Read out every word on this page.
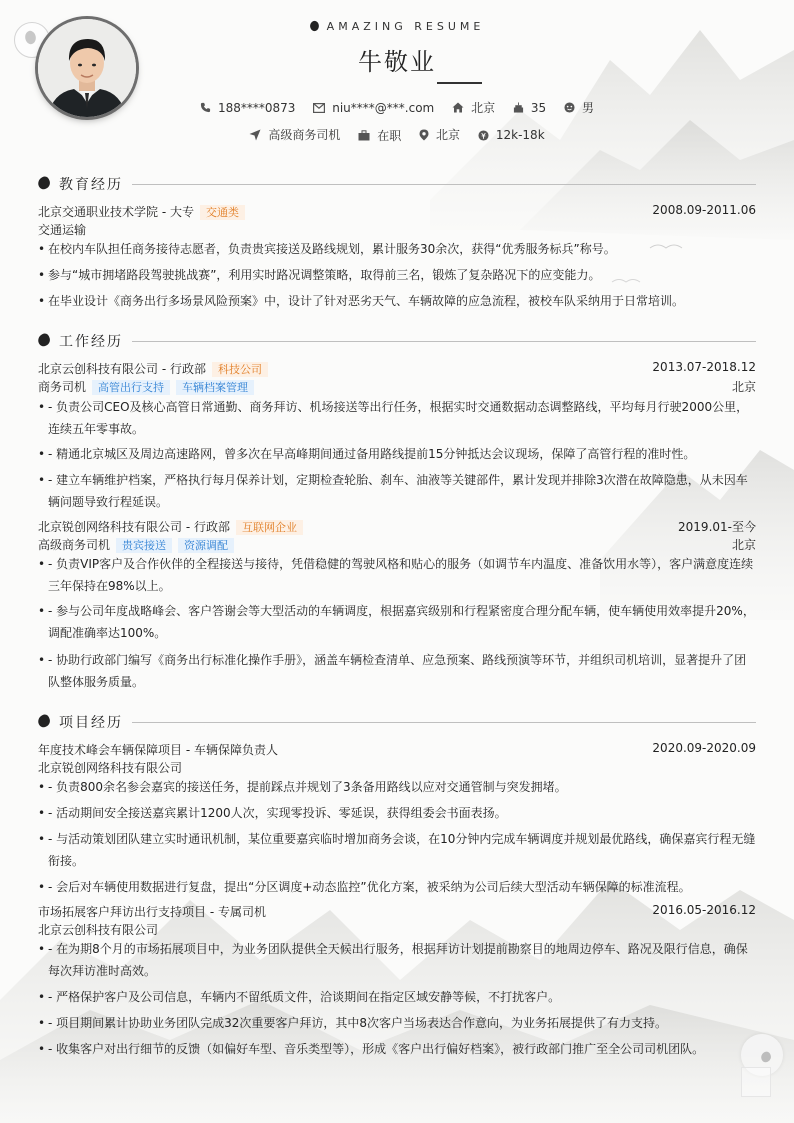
AMAZING RESUME
牛敬业
188****0873
	niu****@***.com
	北京
	35
	男
高级商务司机
	在职
	北京
	12k-18k
教育经历
北京交通职业技术学院 - 大专 交通类	2008.09-2011.06
交通运输
• 在校内车队担任商务接待志愿者，负责贵宾接送及路线规划，累计服务30余次，获得“优秀服务标兵”称号。
• 参与“城市拥堵路段驾驶挑战赛”，利用实时路况调整策略，取得前三名，锻炼了复杂路况下的应变能力。
• 在毕业设计《商务出行多场景风险预案》中，设计了针对恶劣天气、车辆故障的应急流程，被校车队采纳用于日常培训。
工作经历
北京云创科技有限公司 - 行政部 科技公司	2013.07-2018.12
商务司机 高管出行支持 车辆档案管理	北京
• - 负责公司CEO及核心高管日常通勤、商务拜访、机场接送等出行任务，根据实时交通数据动态调整路线，平均每月行驶2000公里，连续五年零事故。
• - 精通北京城区及周边高速路网，曾多次在早高峰期间通过备用路线提前15分钟抵达会议现场，保障了高管行程的准时性。
• - 建立车辆维护档案，严格执行每月保养计划，定期检查轮胎、刹车、油液等关键部件，累计发现并排除3次潜在故障隐患，从未因车辆问题导致行程延误。
北京锐创网络科技有限公司 - 行政部 互联网企业	2019.01-至今
高级商务司机 贵宾接送 资源调配	北京
• - 负责VIP客户及合作伙伴的全程接送与接待，凭借稳健的驾驶风格和贴心的服务（如调节车内温度、准备饮用水等），客户满意度连续三年保持在98%以上。
• - 参与公司年度战略峰会、客户答谢会等大型活动的车辆调度，根据嘉宾级别和行程紧密度合理分配车辆，使车辆使用效率提升20%，调配准确率达100%。
• - 协助行政部门编写《商务出行标准化操作手册》，涵盖车辆检查清单、应急预案、路线预演等环节，并组织司机培训，显著提升了团队整体服务质量。
项目经历
年度技术峰会车辆保障项目 - 车辆保障负责人	2020.09-2020.09
北京锐创网络科技有限公司
• - 负责800余名参会嘉宾的接送任务，提前踩点并规划了3条备用路线以应对交通管制与突发拥堵。
• - 活动期间安全接送嘉宾累计1200人次，实现零投诉、零延误，获得组委会书面表扬。
• - 与活动策划团队建立实时通讯机制，某位重要嘉宾临时增加商务会谈，在10分钟内完成车辆调度并规划最优路线，确保嘉宾行程无缝衔接。
• - 会后对车辆使用数据进行复盘，提出“分区调度+动态监控”优化方案，被采纳为公司后续大型活动车辆保障的标准流程。
市场拓展客户拜访出行支持项目 - 专属司机	2016.05-2016.12
北京云创科技有限公司
• - 在为期8个月的市场拓展项目中，为业务团队提供全天候出行服务，根据拜访计划提前勘察目的地周边停车、路况及限行信息，确保每次拜访准时高效。
• - 严格保护客户及公司信息，车辆内不留纸质文件，洽谈期间在指定区域安静等候，不打扰客户。
• - 项目期间累计协助业务团队完成32次重要客户拜访，其中8次客户当场表达合作意向，为业务拓展提供了有力支持。
• - 收集客户对出行细节的反馈（如偏好车型、音乐类型等），形成《客户出行偏好档案》，被行政部门推广至全公司司机团队。
